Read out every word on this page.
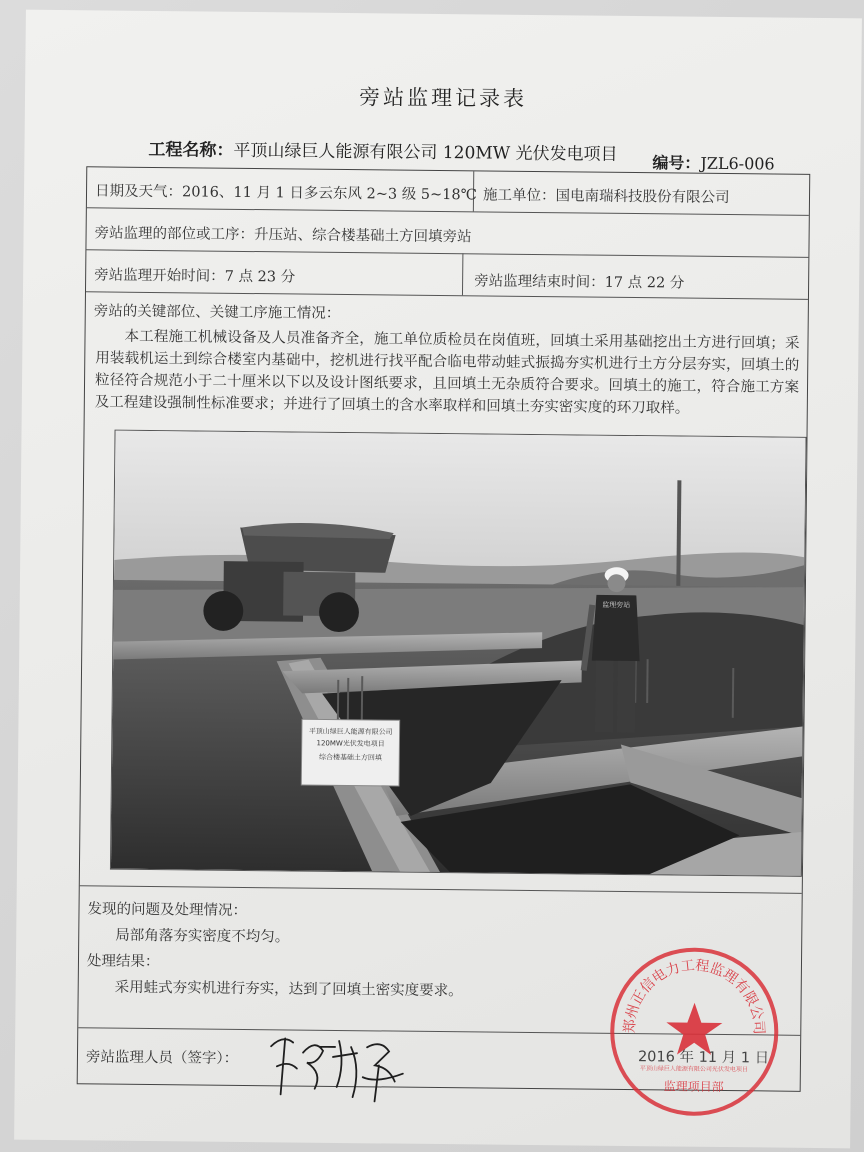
旁站监理记录表
工程名称：平顶山绿巨人能源有限公司 120MW 光伏发电项目 编号：JZL6-006
日期及天气：2016、11 月 1 日多云东风 2~3 级 5~18℃ 施工单位：国电南瑞科技股份有限公司
旁站监理的部位或工序：升压站、综合楼基础土方回填旁站
旁站监理开始时间：7 点 23 分	旁站监理结束时间：17 点 22 分
旁站的关键部位、关键工序施工情况：
本工程施工机械设备及人员准备齐全，施工单位质检员在岗值班，回填土采用基础挖出土方进行回填；采用装载机运土到综合楼室内基础中，挖机进行找平配合临电带动蛙式振捣夯实机进行土方分层夯实，回填土的粒径符合规范小于二十厘米以下以及设计图纸要求，且回填土无杂质符合要求。回填土的施工，符合施工方案及工程建设强制性标准要求；并进行了回填土的含水率取样和回填土夯实密实度的环刀取样。
监理旁站
平顶山绿巨人能源有限公司
120MW光伏发电项目
综合楼基础土方回填
发现的问题及处理情况：
局部角落夯实密度不均匀。
处理结果：
采用蛙式夯实机进行夯实，达到了回填土密实度要求。
旁站监理人员（签字）：	2016 年 11 月 1 日
郑州正信电力工程监理有限公司
平顶山绿巨人能源有限公司光伏发电项目
监理项目部
